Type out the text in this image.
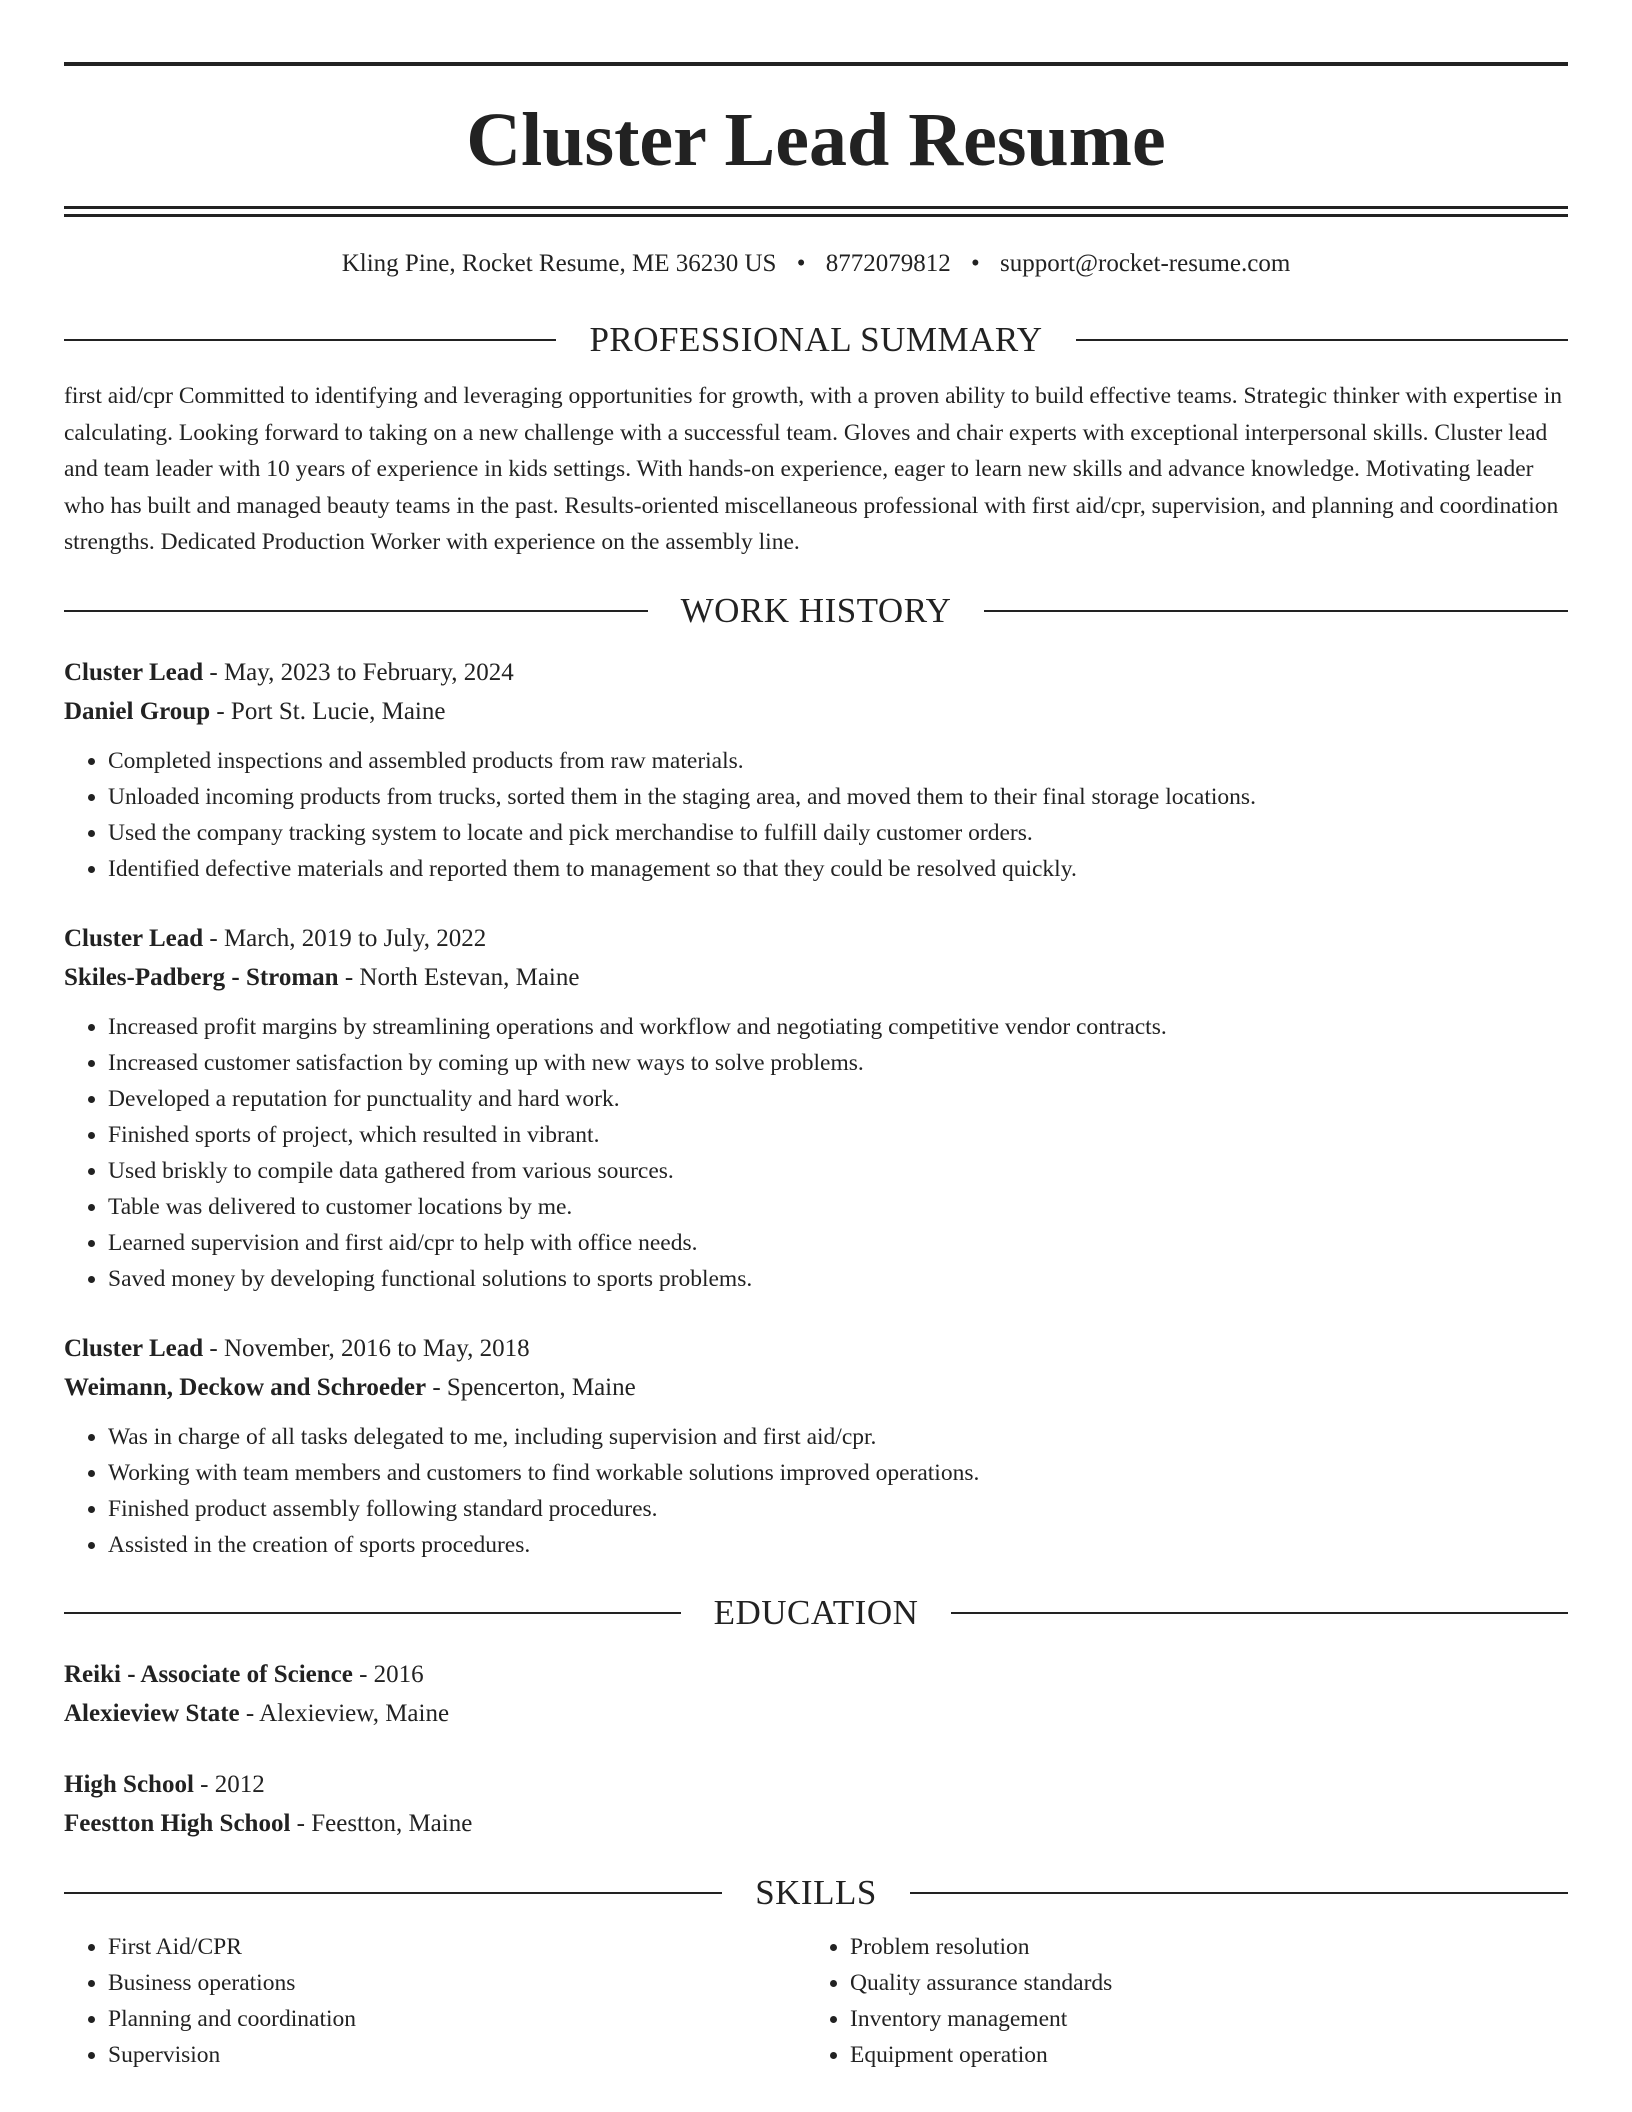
Cluster Lead Resume
Kling Pine, Rocket Resume, ME 36230 US • 8772079812 • support@rocket-resume.com
PROFESSIONAL SUMMARY

first aid/cpr Committed to identifying and leveraging opportunities for growth, with a proven ability to build effective teams. Strategic thinker with expertise in calculating. Looking forward to taking on a new challenge with a successful team. Gloves and chair experts with exceptional interpersonal skills. Cluster lead and team leader with 10 years of experience in kids settings. With hands-on experience, eager to learn new skills and advance knowledge. Motivating leader who has built and managed beauty teams in the past. Results-oriented miscellaneous professional with first aid/cpr, supervision, and planning and coordination strengths. Dedicated Production Worker with experience on the assembly line.

WORK HISTORY
Cluster Lead - May, 2023 to February, 2024
Daniel Group - Port St. Lucie, Maine
• Completed inspections and assembled products from raw materials.
• Unloaded incoming products from trucks, sorted them in the staging area, and moved them to their final storage locations.
• Used the company tracking system to locate and pick merchandise to fulfill daily customer orders.
• Identified defective materials and reported them to management so that they could be resolved quickly.
Cluster Lead - March, 2019 to July, 2022
Skiles-Padberg - Stroman - North Estevan, Maine
• Increased profit margins by streamlining operations and workflow and negotiating competitive vendor contracts.
• Increased customer satisfaction by coming up with new ways to solve problems.
• Developed a reputation for punctuality and hard work.
• Finished sports of project, which resulted in vibrant.
• Used briskly to compile data gathered from various sources.
• Table was delivered to customer locations by me.
• Learned supervision and first aid/cpr to help with office needs.
• Saved money by developing functional solutions to sports problems.
Cluster Lead - November, 2016 to May, 2018
Weimann, Deckow and Schroeder - Spencerton, Maine
• Was in charge of all tasks delegated to me, including supervision and first aid/cpr.
• Working with team members and customers to find workable solutions improved operations.
• Finished product assembly following standard procedures.
• Assisted in the creation of sports procedures.
EDUCATION
Reiki - Associate of Science - 2016
Alexieview State - Alexieview, Maine
High School - 2012
Feestton High School - Feestton, Maine
SKILLS
• First Aid/CPR
• Business operations
• Planning and coordination
• Supervision
• Problem resolution
• Quality assurance standards
• Inventory management
• Equipment operation
